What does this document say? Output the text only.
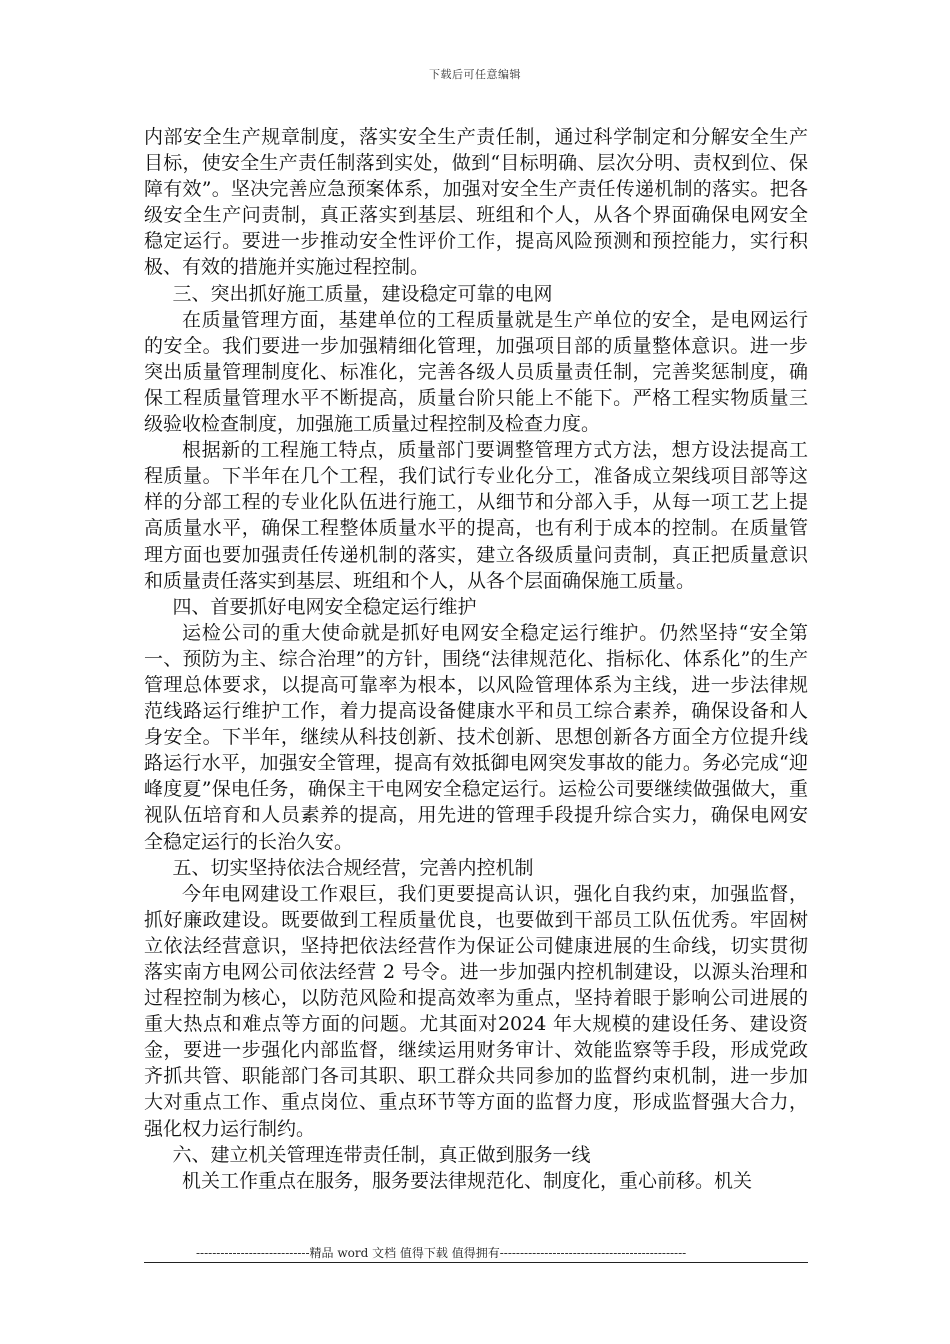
下载后可任意编辑

内部安全生产规章制度，落实安全生产责任制，通过科学制定和分解安全生产目标，使安全生产责任制落到实处，做到“目标明确、层次分明、责权到位、保障有效”。坚决完善应急预案体系，加强对安全生产责任传递机制的落实。把各级安全生产问责制，真正落实到基层、班组和个人，从各个界面确保电网安全稳定运行。要进一步推动安全性评价工作，提高风险预测和预控能力，实行积极、有效的措施并实施过程控制。

三、突出抓好施工质量，建设稳定可靠的电网

在质量管理方面，基建单位的工程质量就是生产单位的安全，是电网运行的安全。我们要进一步加强精细化管理，加强项目部的质量整体意识。进一步突出质量管理制度化、标准化，完善各级人员质量责任制，完善奖惩制度，确保工程质量管理水平不断提高，质量台阶只能上不能下。严格工程实物质量三级验收检查制度，加强施工质量过程控制及检查力度。

根据新的工程施工特点，质量部门要调整管理方式方法，想方设法提高工程质量。下半年在几个工程，我们试行专业化分工，准备成立架线项目部等这样的分部工程的专业化队伍进行施工，从细节和分部入手，从每一项工艺上提高质量水平，确保工程整体质量水平的提高，也有利于成本的控制。在质量管理方面也要加强责任传递机制的落实，建立各级质量问责制，真正把质量意识和质量责任落实到基层、班组和个人，从各个层面确保施工质量。

四、首要抓好电网安全稳定运行维护

运检公司的重大使命就是抓好电网安全稳定运行维护。仍然坚持“安全第一、预防为主、综合治理”的方针，围绕“法律规范化、指标化、体系化”的生产管理总体要求，以提高可靠率为根本，以风险管理体系为主线，进一步法律规范线路运行维护工作，着力提高设备健康水平和员工综合素养，确保设备和人身安全。下半年，继续从科技创新、技术创新、思想创新各方面全方位提升线路运行水平，加强安全管理，提高有效抵御电网突发事故的能力。务必完成“迎峰度夏”保电任务，确保主干电网安全稳定运行。运检公司要继续做强做大，重视队伍培育和人员素养的提高，用先进的管理手段提升综合实力，确保电网安全稳定运行的长治久安。

五、切实坚持依法合规经营，完善内控机制

今年电网建设工作艰巨，我们更要提高认识，强化自我约束，加强监督，抓好廉政建设。既要做到工程质量优良，也要做到干部员工队伍优秀。牢固树立依法经营意识，坚持把依法经营作为保证公司健康进展的生命线，切实贯彻落实南方电网公司依法经营 2 号令。进一步加强内控机制建设，以源头治理和过程控制为核心，以防范风险和提高效率为重点，坚持着眼于影响公司进展的重大热点和难点等方面的问题。尤其面对2024 年大规模的建设任务、建设资金，要进一步强化内部监督，继续运用财务审计、效能监察等手段，形成党政齐抓共管、职能部门各司其职、职工群众共同参加的监督约束机制，进一步加大对重点工作、重点岗位、重点环节等方面的监督力度，形成监督强大合力，强化权力运行制约。

六、建立机关管理连带责任制，真正做到服务一线

机关工作重点在服务，服务要法律规范化、制度化，重心前移。机关

----------------------------精品 word 文档 值得下载 值得拥有----------------------------------------------
